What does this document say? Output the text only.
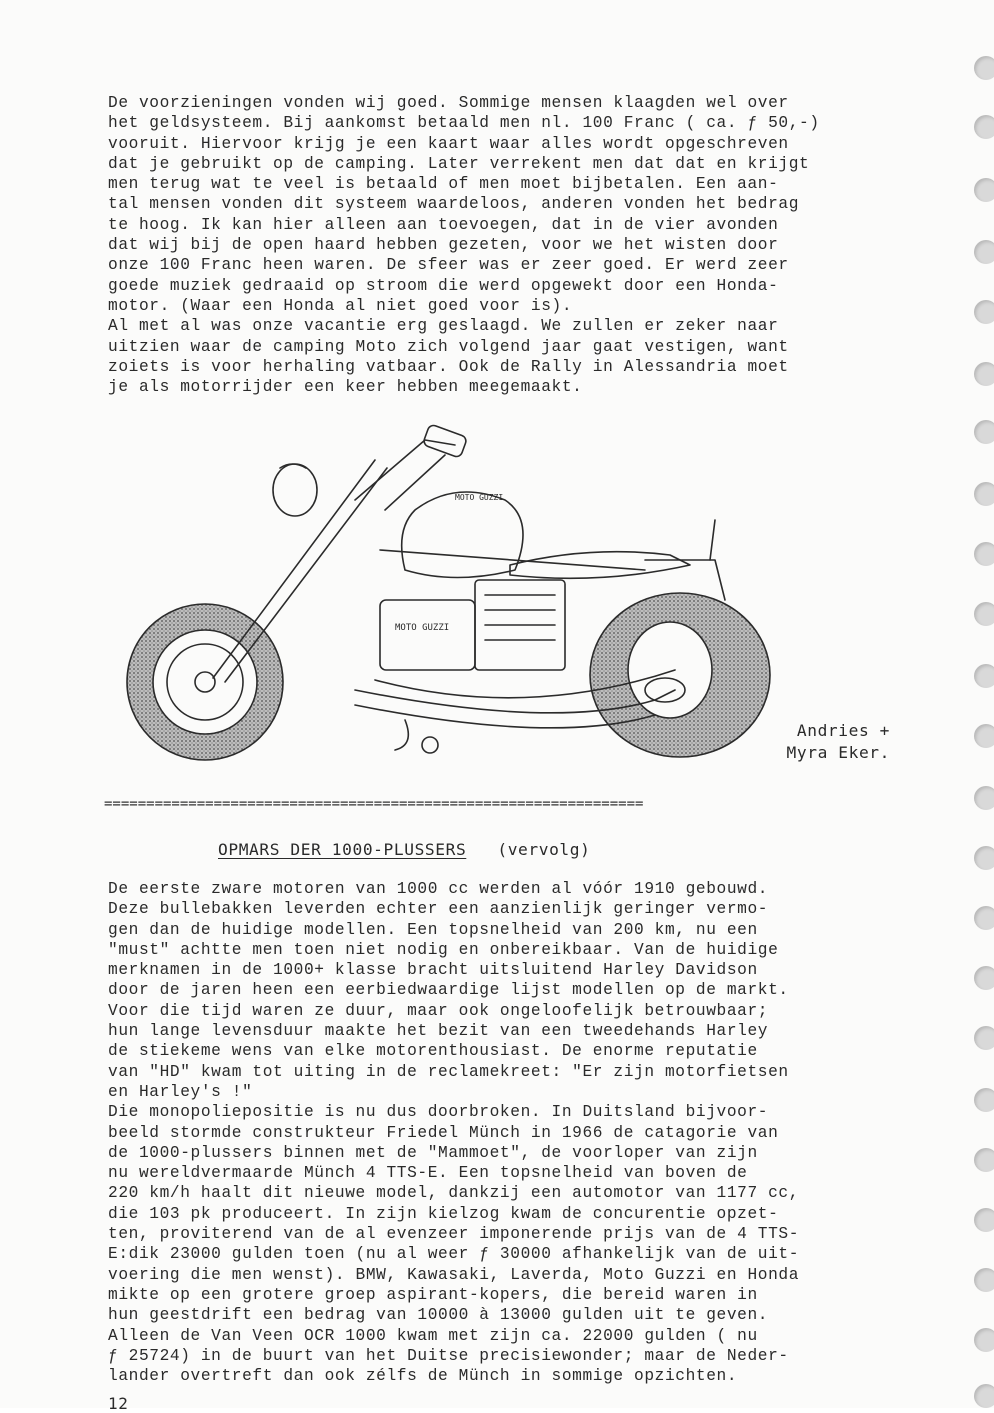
De voorzieningen vonden wij goed. Sommige mensen klaagden wel over
het geldsysteem. Bij aankomst betaald men nl. 100 Franc ( ca. ƒ 50,-)
vooruit. Hiervoor krijg je een kaart waar alles wordt opgeschreven
dat je gebruikt op de camping. Later verrekent men dat dat en krijgt
men terug wat te veel is betaald of men moet bijbetalen. Een aan-
tal mensen vonden dit systeem waardeloos, anderen vonden het bedrag
te hoog. Ik kan hier alleen aan toevoegen, dat in de vier avonden
dat wij bij de open haard hebben gezeten, voor we het wisten door
onze 100 Franc heen waren. De sfeer was er zeer goed. Er werd zeer
goede muziek gedraaid op stroom die werd opgewekt door een Honda-
motor. (Waar een Honda al niet goed voor is).
Al met al was onze vacantie erg geslaagd. We zullen er zeker naar
uitzien waar de camping Moto zich volgend jaar gaat vestigen, want
zoiets is voor herhaling vatbaar. Ook de Rally in Alessandria moet
je als motorrijder een keer hebben meegemaakt.
MOTO GUZZI
MOTO GUZZI
Andries +
Myra Eker.
================================================================
OPMARS DER 1000-PLUSSERS (vervolg)
De eerste zware motoren van 1000 cc werden al vóór 1910 gebouwd.
Deze bullebakken leverden echter een aanzienlijk geringer vermo-
gen dan de huidige modellen. Een topsnelheid van 200 km, nu een
"must" achtte men toen niet nodig en onbereikbaar. Van de huidige
merknamen in de 1000+ klasse bracht uitsluitend Harley Davidson
door de jaren heen een eerbiedwaardige lijst modellen op de markt.
Voor die tijd waren ze duur, maar ook ongeloofelijk betrouwbaar;
hun lange levensduur maakte het bezit van een tweedehands Harley
de stiekeme wens van elke motorenthousiast. De enorme reputatie
van "HD" kwam tot uiting in de reclamekreet: "Er zijn motorfietsen
en Harley's !"
Die monopoliepositie is nu dus doorbroken. In Duitsland bijvoor-
beeld stormde construkteur Friedel Münch in 1966 de catagorie van
de 1000-plussers binnen met de "Mammoet", de voorloper van zijn
nu wereldvermaarde Münch 4 TTS-E. Een topsnelheid van boven de
220 km/h haalt dit nieuwe model, dankzij een automotor van 1177 cc,
die 103 pk produceert. In zijn kielzog kwam de concurentie opzet-
ten, proviterend van de al evenzeer imponerende prijs van de 4 TTS-
E:dik 23000 gulden toen (nu al weer ƒ 30000 afhankelijk van de uit-
voering die men wenst). BMW, Kawasaki, Laverda, Moto Guzzi en Honda
mikte op een grotere groep aspirant-kopers, die bereid waren in
hun geestdrift een bedrag van 10000 à 13000 gulden uit te geven.
Alleen de Van Veen OCR 1000 kwam met zijn ca. 22000 gulden ( nu
ƒ 25724) in de buurt van het Duitse precisiewonder; maar de Neder-
lander overtreft dan ook zélfs de Münch in sommige opzichten.
12
